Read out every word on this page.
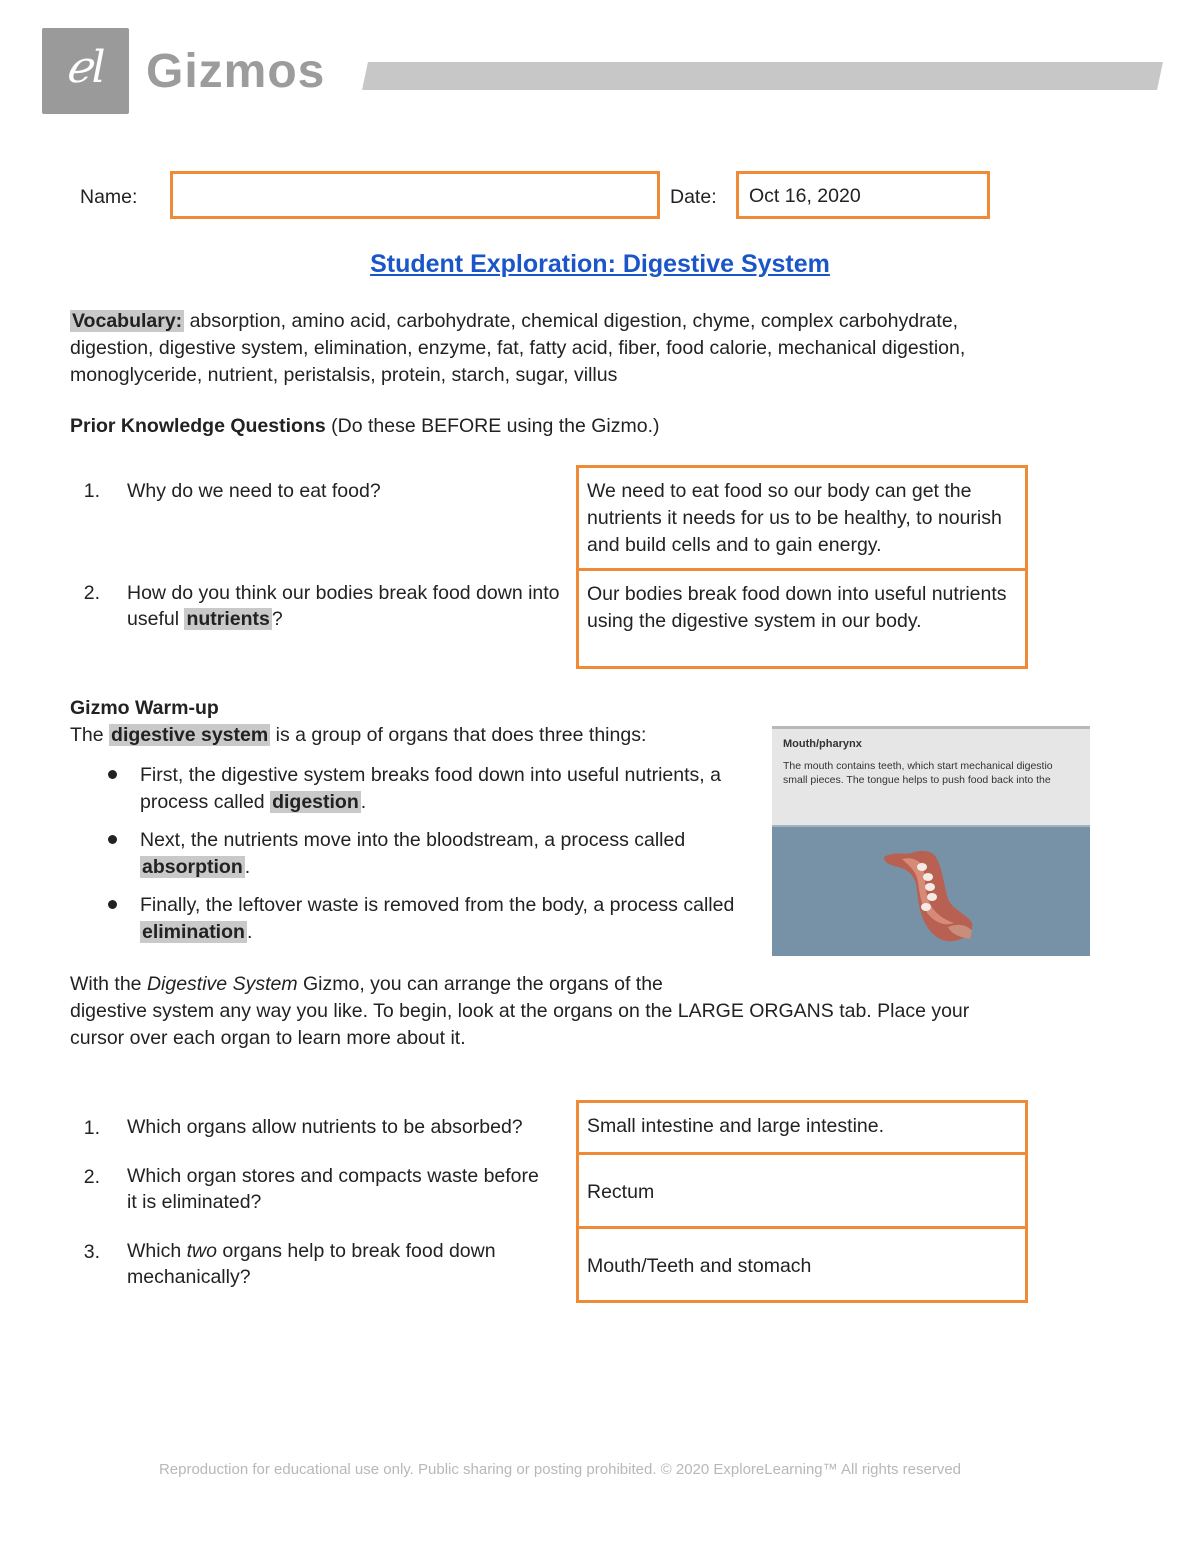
ℯl Gizmos
Name:	Date:	Oct 16, 2020
Student Exploration: Digestive System
Vocabulary: absorption, amino acid, carbohydrate, chemical digestion, chyme, complex carbohydrate,
digestion, digestive system, elimination, enzyme, fat, fatty acid, fiber, food calorie, mechanical digestion,
monoglyceride, nutrient, peristalsis, protein, starch, sugar, villus
Prior Knowledge Questions (Do these BEFORE using the Gizmo.)
1. Why do we need to eat food?
2. How do you think our bodies break food down into useful nutrients ?
We need to eat food so our body can get the nutrients it needs for us to be healthy, to nourish and build cells and to gain energy.
Our bodies break food down into useful nutrients using the digestive system in our body.
Gizmo Warm-up
The digestive system is a group of organs that does three things:
First, the digestive system breaks food down into useful nutrients, a process called digestion .
Next, the nutrients move into the bloodstream, a process called absorption .
Finally, the leftover waste is removed from the body, a process called elimination .
Mouth/pharynx
The mouth contains teeth, which start mechanical digestio
small pieces. The tongue helps to push food back into the
With the Digestive System Gizmo, you can arrange the organs of the
digestive system any way you like. To begin, look at the organs on the LARGE ORGANS tab. Place your
cursor over each organ to learn more about it.
1. Which organs allow nutrients to be absorbed?
2. Which organ stores and compacts waste before it is eliminated?
3. Which two organs help to break food down mechanically?
Small intestine and large intestine.
Rectum
Mouth/Teeth and stomach
Reproduction for educational use only. Public sharing or posting prohibited. © 2020 ExploreLearning™ All rights reserved
